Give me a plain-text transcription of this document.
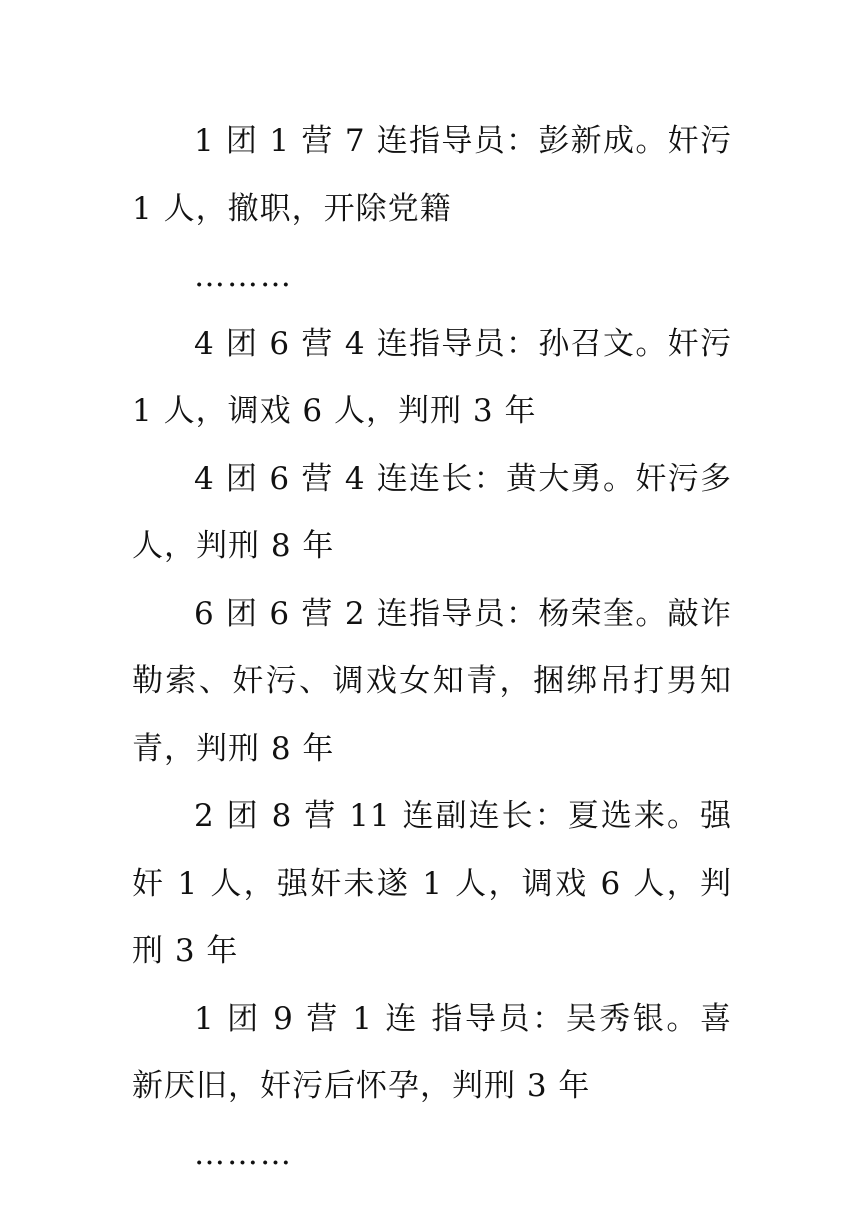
1 团 1 营 7 连指导员：彭新成。奸污 1 人，撤职，开除党籍

………

4 团 6 营 4 连指导员：孙召文。奸污 1 人，调戏 6 人，判刑 3 年

4 团 6 营 4 连连长：黄大勇。奸污多人，判刑 8 年

6 团 6 营 2 连指导员：杨荣奎。敲诈勒索、奸污、调戏女知青，捆绑吊打男知青，判刑 8 年

2 团 8 营 11 连副连长：夏选来。强奸 1 人，强奸未遂 1 人，调戏 6 人，判刑 3 年

1 团 9 营 1 连 指导员：吴秀银。喜新厌旧，奸污后怀孕，判刑 3 年

………
